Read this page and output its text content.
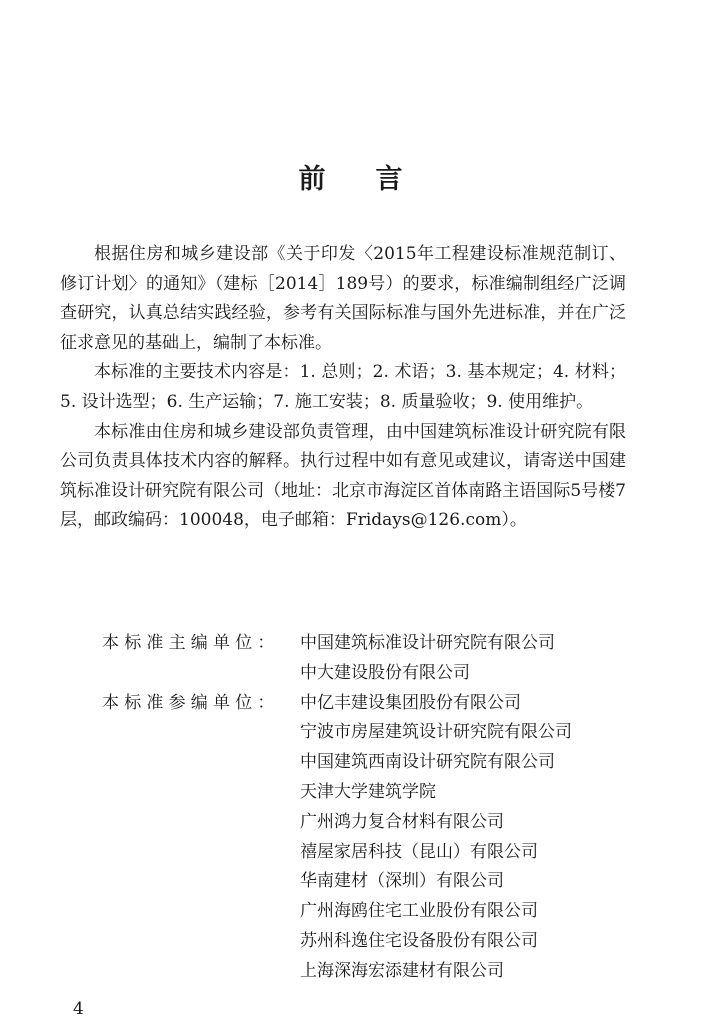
前 言

根据住房和城乡建设部《关于印发〈2015年工程建设标准规范制订、修订计划〉的通知》（建标［2014］189号）的要求，标准编制组经广泛调查研究，认真总结实践经验，参考有关国际标准与国外先进标准，并在广泛征求意见的基础上，编制了本标准。

本标准的主要技术内容是：1. 总则；2. 术语；3. 基本规定；4. 材料；5. 设计选型；6. 生产运输；7. 施工安装；8. 质量验收；9. 使用维护。

本标准由住房和城乡建设部负责管理，由中国建筑标准设计研究院有限公司负责具体技术内容的解释。执行过程中如有意见或建议，请寄送中国建筑标准设计研究院有限公司（地址：北京市海淀区首体南路主语国际5号楼7层，邮政编码：100048，电子邮箱：Fridays@126.com）。

本标准主编单位：	中国建筑标准设计研究院有限公司
中大建设股份有限公司
本标准参编单位：	中亿丰建设集团股份有限公司
宁波市房屋建筑设计研究院有限公司
中国建筑西南设计研究院有限公司
天津大学建筑学院
广州鸿力复合材料有限公司
禧屋家居科技（昆山）有限公司
华南建材（深圳）有限公司
广州海鸥住宅工业股份有限公司
苏州科逸住宅设备股份有限公司
上海深海宏添建材有限公司
4
